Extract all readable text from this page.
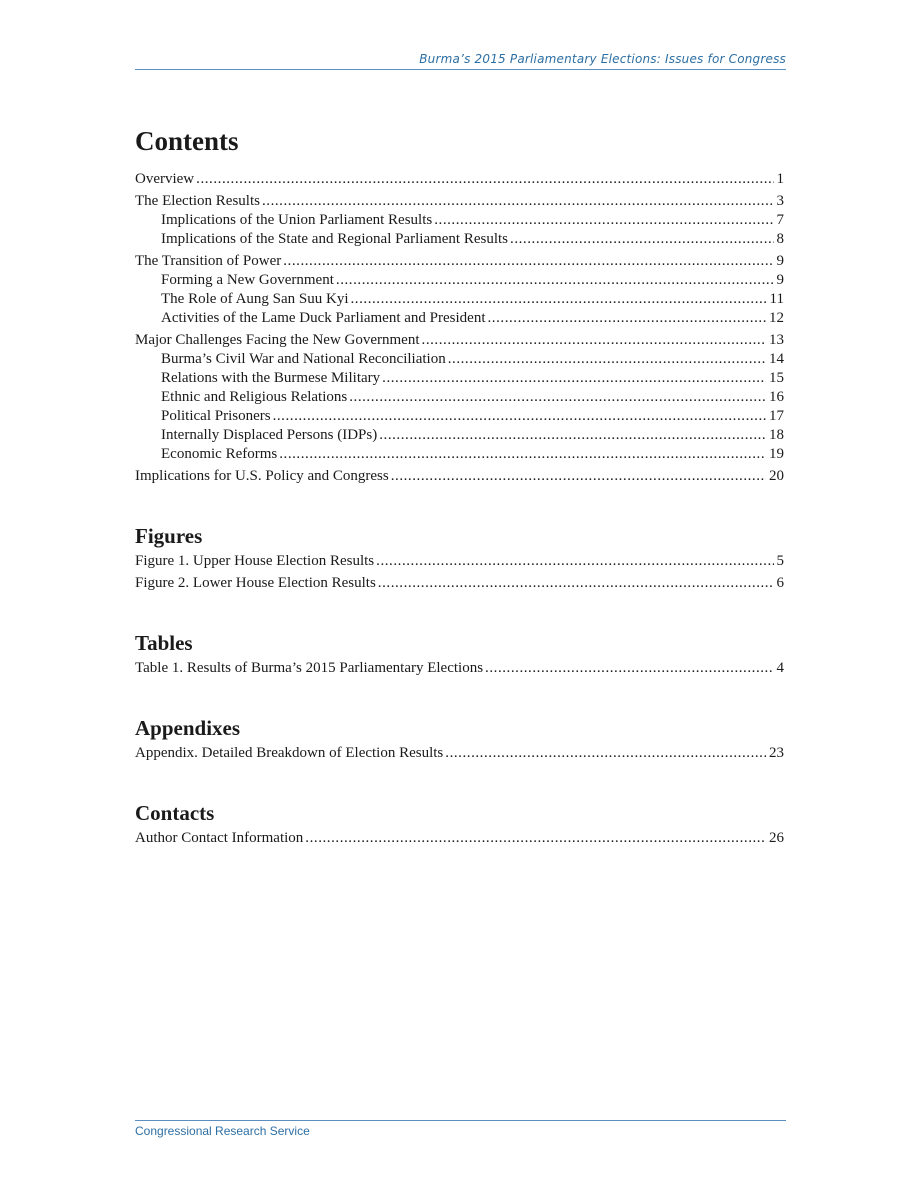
Burma’s 2015 Parliamentary Elections: Issues for Congress
Contents
Overview . . .	1
The Election Results . . .	3
Implications of the Union Parliament Results . . .	7
Implications of the State and Regional Parliament Results . . .	8
The Transition of Power . . .	9
Forming a New Government . . .	9
The Role of Aung San Suu Kyi . . .	11
Activities of the Lame Duck Parliament and President . . .	12
Major Challenges Facing the New Government . . .	13
Burma’s Civil War and National Reconciliation . . .	14
Relations with the Burmese Military . . .	15
Ethnic and Religious Relations . . .	16
Political Prisoners . . .	17
Internally Displaced Persons (IDPs) . . .	18
Economic Reforms . . .	19
Implications for U.S. Policy and Congress . . .	20
Figures
Figure 1. Upper House Election Results . . .	5
Figure 2. Lower House Election Results . . .	6
Tables
Table 1. Results of Burma’s 2015 Parliamentary Elections . . .	4
Appendixes
Appendix. Detailed Breakdown of Election Results . . .	23
Contacts
Author Contact Information . . .	26
Congressional Research Service
